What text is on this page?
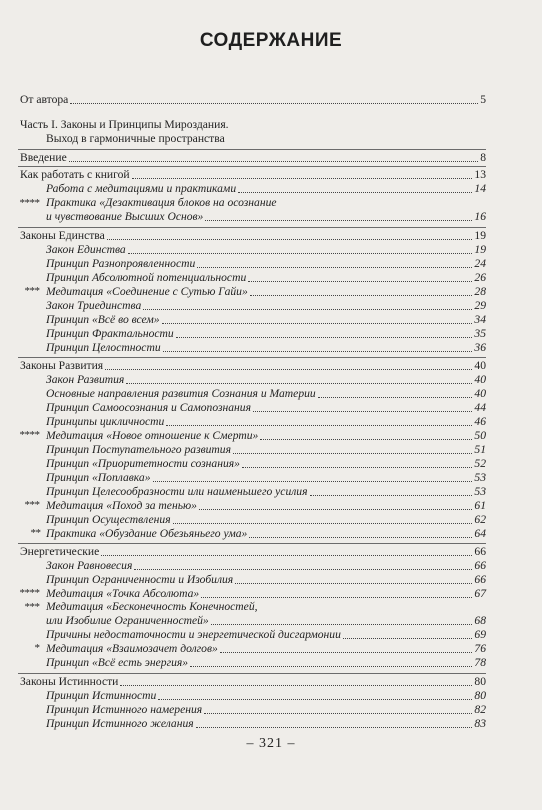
СОДЕРЖАНИЕ
От автора	5
Часть I. Законы и Принципы Мироздания.
Выход в гармоничные пространства
Введение	8
Как работать с книгой	13
Работа с медитациями и практиками	14
**** Практика «Дезактивация блоков на осознание
и чувствование Высших Основ»	16
Законы Единства	19
Закон Единства	19
Принцип Разнопроявленности	24
Принцип Абсолютной потенциальности	26
*** Медитация «Соединение с Сутью Гайи»	28
Закон Триединства	29
Принцип «Всё во всем»	34
Принцип Фрактальности	35
Принцип Целостности	36
Законы Развития	40
Закон Развития	40
Основные направления развития Сознания и Материи	40
Принцип Самоосознания и Самопознания	44
Принципы цикличности	46
**** Медитация «Новое отношение к Смерти»	50
Принцип Поступательного развития	51
Принцип «Приоритетности сознания»	52
Принцип «Поплавка»	53
Принцип Целесообразности или наименьшего усилия	53
*** Медитация «Поход за тенью»	61
Принцип Осуществления	62
** Практика «Обуздание Обезьяньего ума»	64
Энергетические	66
Закон Равновесия	66
Принцип Ограниченности и Изобилия	66
**** Медитация «Точка Абсолюта»	67
*** Медитация «Бесконечность Конечностей,
или Изобилие Ограниченностей»	68
Причины недостаточности и энергетической дисгармонии	69
* Медитация «Взаимозачет долгов»	76
Принцип «Всё есть энергия»	78
Законы Истинности	80
Принцип Истинности	80
Принцип Истинного намерения	82
Принцип Истинного желания	83
– 321 –
